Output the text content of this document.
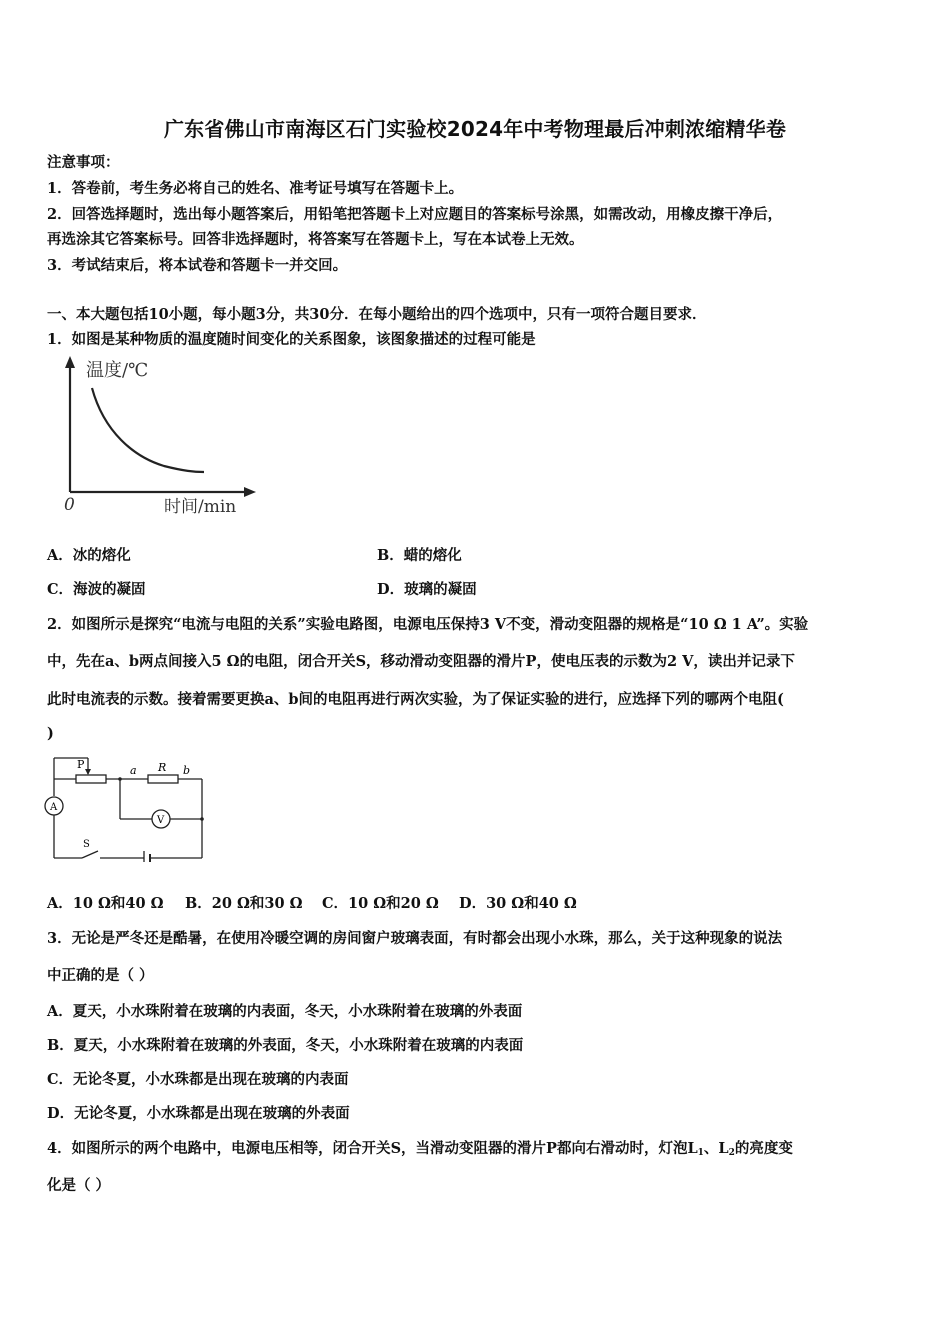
广东省佛山市南海区石门实验校2024年中考物理最后冲刺浓缩精华卷
注意事项：
1．答卷前，考生务必将自己的姓名、准考证号填写在答题卡上。
2．回答选择题时，选出每小题答案后，用铅笔把答题卡上对应题目的答案标号涂黑，如需改动，用橡皮擦干净后，
再选涂其它答案标号。回答非选择题时，将答案写在答题卡上，写在本试卷上无效。
3．考试结束后，将本试卷和答题卡一并交回。
一、本大题包括10小题，每小题3分，共30分．在每小题给出的四个选项中，只有一项符合题目要求．
1．如图是某种物质的温度随时间变化的关系图象，该图象描述的过程可能是
温度/℃
0	时间/min
A．冰的熔化	B．蜡的熔化
C．海波的凝固	D．玻璃的凝固
2．如图所示是探究“电流与电阻的关系”实验电路图，电源电压保持3 V不变，滑动变阻器的规格是“10 Ω 1 A”。实验
中，先在a、b两点间接入5 Ω的电阻，闭合开关S，移动滑动变阻器的滑片P，使电压表的示数为2 V，读出并记录下
此时电流表的示数。接着需要更换a、b间的电阻再进行两次实验，为了保证实验的进行，应选择下列的哪两个电阻(
)
P	a R b
A
V
S
A．10 Ω和40 Ω B．20 Ω和30 Ω C．10 Ω和20 Ω D．30 Ω和40 Ω
3．无论是严冬还是酷暑，在使用冷暖空调的房间窗户玻璃表面，有时都会出现小水珠，那么，关于这种现象的说法
中正确的是（ ）
A．夏天，小水珠附着在玻璃的内表面，冬天，小水珠附着在玻璃的外表面
B．夏天，小水珠附着在玻璃的外表面，冬天，小水珠附着在玻璃的内表面
C．无论冬夏，小水珠都是出现在玻璃的内表面
D．无论冬夏，小水珠都是出现在玻璃的外表面
4．如图所示的两个电路中，电源电压相等，闭合开关S，当滑动变阻器的滑片P都向右滑动时，灯泡$L_1$、$L_2$的亮度变
化是（ ）
